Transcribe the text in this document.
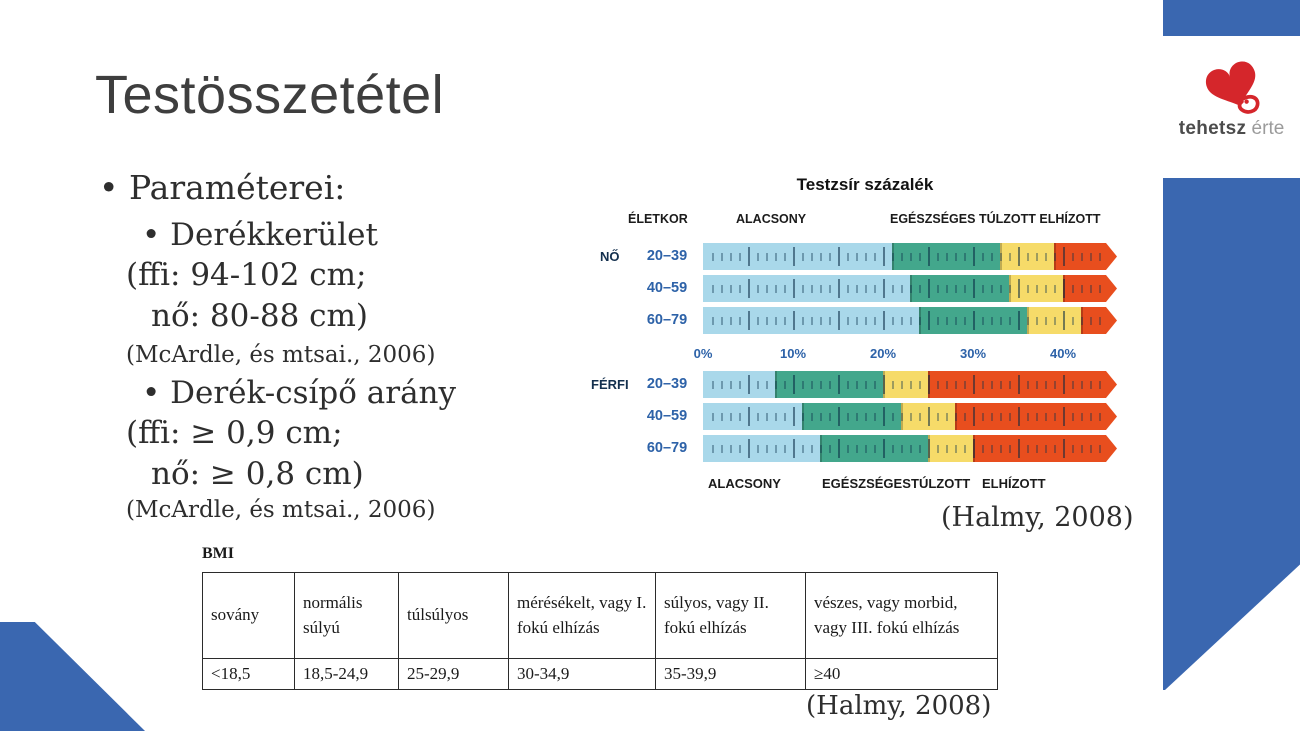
tehetsz érte
Testösszetétel
• Paraméterei:
• Derékkerület
(ffi: 94-102 cm;
nő: 80-88 cm)
(McArdle, és mtsai., 2006)
• Derék-csípő arány
(ffi: ≥ 0,9 cm;
nő: ≥ 0,8 cm)
(McArdle, és mtsai., 2006)
Testzsír százalék
ÉLETKOR	ALACSONY	EGÉSZSÉGES TÚLZOTT ELHÍZOTT
NŐ	20–39
40–59
60–79
FÉRFI	20–39
40–59
60–79
0%	10%	20%	30%	40%
ALACSONY	EGÉSZSÉGES TÚLZOTT ELHÍZOTT
(Halmy, 2008)
BMI
sovány	normális súlyú	túlsúlyos	mérésékelt, vagy I. fokú elhízás	súlyos, vagy II. fokú elhízás	vészes, vagy morbid, vagy III. fokú elhízás
<18,5	18,5-24,9	25-29,9	30-34,9	35-39,9	≥40
(Halmy, 2008)
